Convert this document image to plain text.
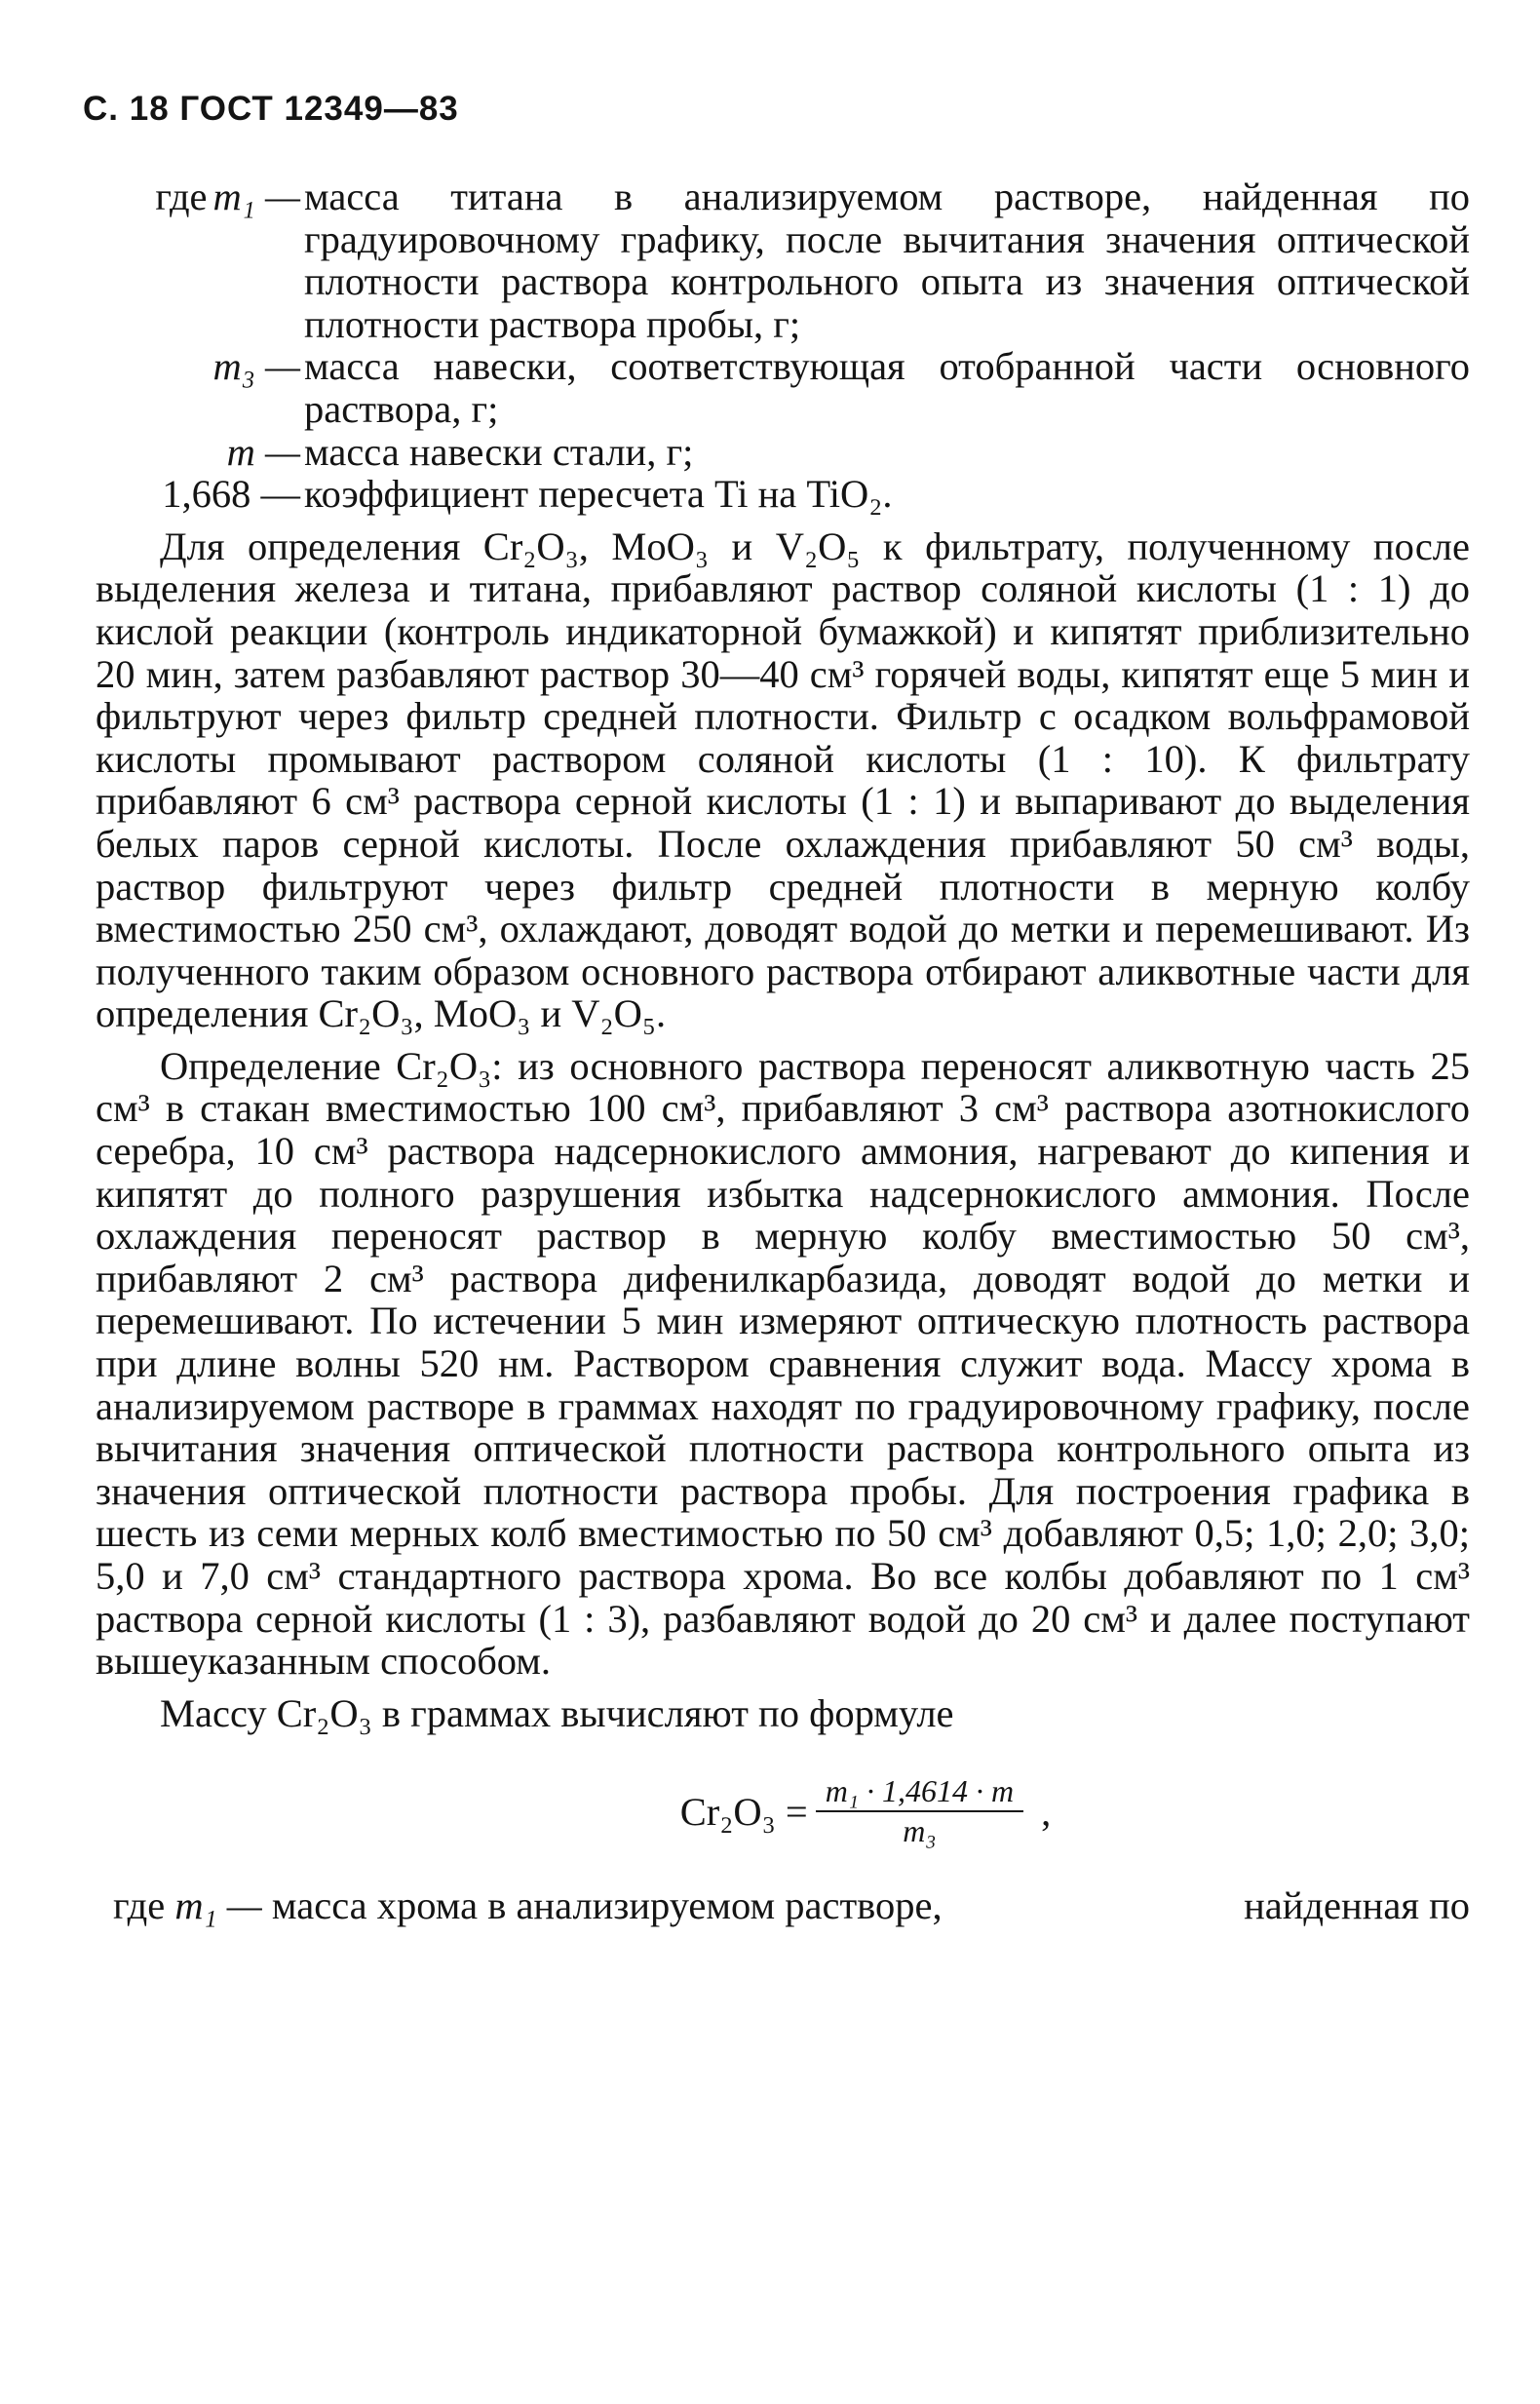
С. 18 ГОСТ 12349—83
где m₁ —	масса титана в анализируемом растворе, найденная по градуировочному графику, после вычитания значения оптической плотности раствора контрольного опыта из значения оптической плотности раствора пробы, г;
m₃ —	масса навески, соответствующая отобранной части основного раствора, г;
m —	масса навески стали, г;
1,668 —	коэффициент пересчета Ti на TiO₂.

Для определения Cr₂O₃, MoO₃ и V₂O₅ к фильтрату, полученному после выделения железа и титана, прибавляют раствор соляной кислоты (1 : 1) до кислой реакции (контроль индикаторной бумажкой) и кипятят приблизительно 20 мин, затем разбавляют раствор 30—40 см³ горячей воды, кипятят еще 5 мин и фильтруют через фильтр средней плотности. Фильтр с осадком вольфрамовой кислоты промывают раствором соляной кислоты (1 : 10). К фильтрату прибавляют 6 см³ раствора серной кислоты (1 : 1) и выпаривают до выделения белых паров серной кислоты. После охлаждения прибавляют 50 см³ воды, раствор фильтруют через фильтр средней плотности в мерную колбу вместимостью 250 см³, охлаждают, доводят водой до метки и перемешивают. Из полученного таким образом основного раствора отбирают аликвотные части для определения Cr₂O₃, MoO₃ и V₂O₅.

Определение Cr₂O₃: из основного раствора переносят аликвотную часть 25 см³ в стакан вместимостью 100 см³, прибавляют 3 см³ раствора азотнокислого серебра, 10 см³ раствора надсернокислого аммония, нагревают до кипения и кипятят до полного разрушения избытка надсернокислого аммония. После охлаждения переносят раствор в мерную колбу вместимостью 50 см³, прибавляют 2 см³ раствора дифенилкарбазида, доводят водой до метки и перемешивают. По истечении 5 мин измеряют оптическую плотность раствора при длине волны 520 нм. Раствором сравнения служит вода. Массу хрома в анализируемом растворе в граммах находят по градуировочному графику, после вычитания значения оптической плотности раствора контрольного опыта из значения оптической плотности раствора пробы. Для построения графика в шесть из семи мерных колб вместимостью по 50 см³ добавляют 0,5; 1,0; 2,0; 3,0; 5,0 и 7,0 см³ стандартного раствора хрома. Во все колбы добавляют по 1 см³ раствора серной кислоты (1 : 3), разбавляют водой до 20 см³ и далее поступают вышеуказанным способом.

Массу Cr₂O₃ в граммах вычисляют по формуле

$Cr_2O_3 = \frac{\text{m₁ · 1,4614 · m}}{\text{m₃}}$ ,
где m₁ — масса хрома в анализируемом растворе,	найденная по
